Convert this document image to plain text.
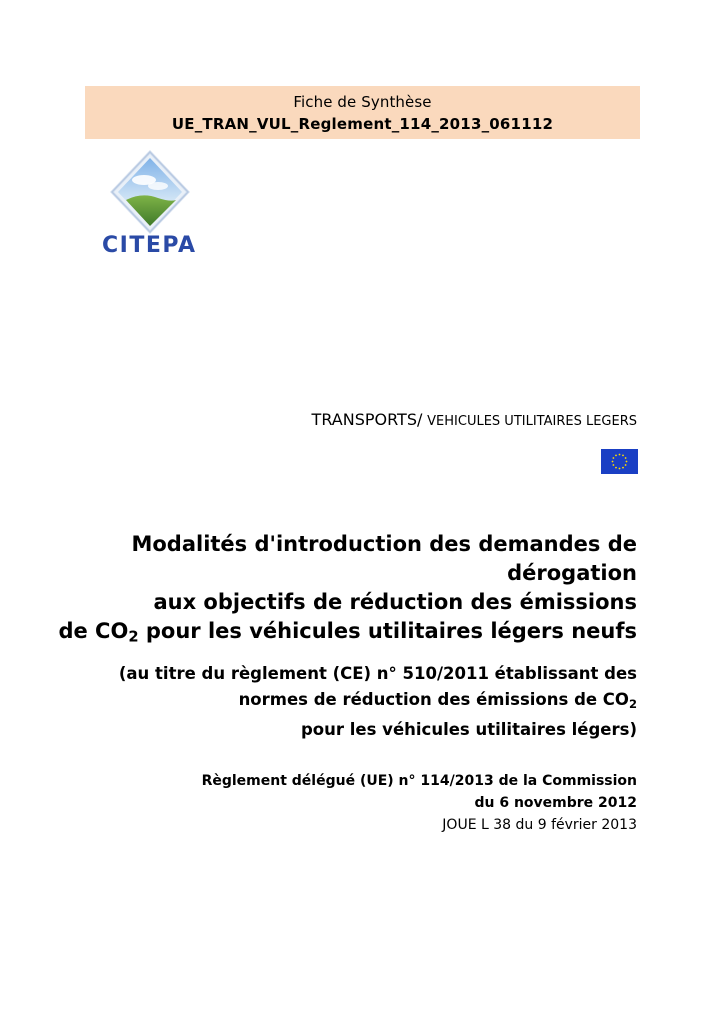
Fiche de Synthèse
UE_TRAN_VUL_Reglement_114_2013_061112
CITEPA
TRANSPORTS/ VEHICULES UTILITAIRES LEGERS
Modalités d'introduction des demandes de dérogation
aux objectifs de réduction des émissions
de $CO_2$ pour les véhicules utilitaires légers neufs
(au titre du règlement (CE) n° 510/2011 établissant des
normes de réduction des émissions de $CO_2$
pour les véhicules utilitaires légers)
Règlement délégué (UE) n° 114/2013 de la Commission
du 6 novembre 2012
JOUE L 38 du 9 février 2013
